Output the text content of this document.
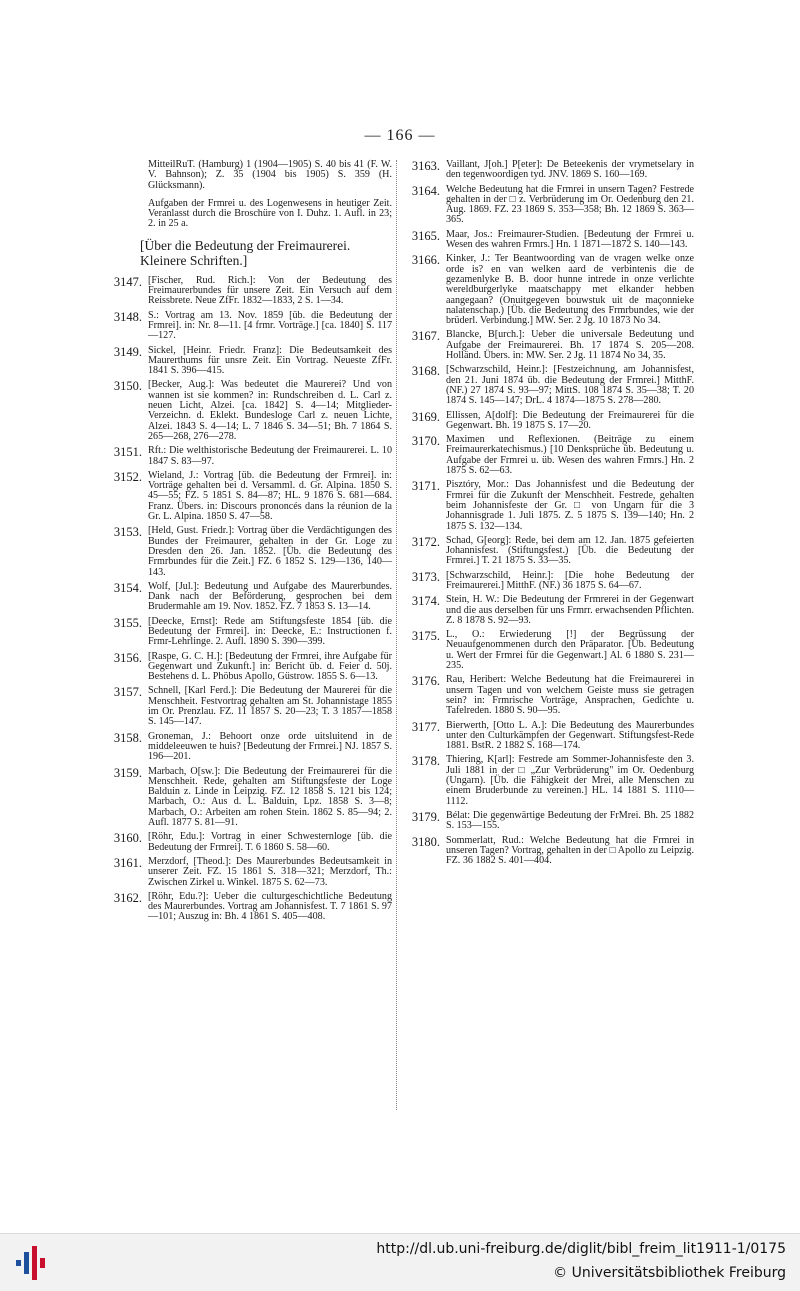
— 166 —
MitteilRuT. (Hamburg) 1 (1904—1905) S. 40 bis 41 (F. W. V. Bahnson); Z. 35 (1904 bis 1905) S. 359 (H. Glücksmann).
Aufgaben der Frmrei u. des Logenwesens in heutiger Zeit. Veranlasst durch die Broschüre von I. Duhz. 1. Aufl. in 23; 2. in 25 a.
[Über die Bedeutung der Freimaurerei. Kleinere Schriften.]
3147. [Fischer, Rud. Rich.]: Von der Bedeutung des Freimaurerbundes für unsere Zeit. Ein Versuch auf dem Reissbrete. Neue ZfFr. 1832—1833, 2 S. 1—34.
3148. S.: Vortrag am 13. Nov. 1859 [üb. die Bedeutung der Frmrei]. in: Nr. 8—11. [4 frmr. Vorträge.] [ca. 1840] S. 117—127.
3149. Sickel, [Heinr. Friedr. Franz]: Die Bedeutsamkeit des Maurerthums für unsre Zeit. Ein Vortrag. Neueste ZfFr. 1841 S. 396—415.
3150. [Becker, Aug.]: Was bedeutet die Maurerei? Und von wannen ist sie kommen? in: Rundschreiben d. L. Carl z. neuen Licht, Alzei. [ca. 1842] S. 4—14; Mitglieder-Verzeichn. d. Eklekt. Bundesloge Carl z. neuen Lichte, Alzei. 1843 S. 4—14; L. 7 1846 S. 34—51; Bh. 7 1864 S. 265—268, 276—278.
3151. Rft.: Die welthistorische Bedeutung der Freimaurerei. L. 10 1847 S. 83—97.
3152. Wieland, J.: Vortrag [üb. die Bedeutung der Frmrei]. in: Vorträge gehalten bei d. Versamml. d. Gr. Alpina. 1850 S. 45—55; FZ. 5 1851 S. 84—87; HL. 9 1876 S. 681—684. Franz. Übers. in: Discours prononcés dans la réunion de la Gr. L. Alpina. 1850 S. 47—58.
3153. [Held, Gust. Friedr.]: Vortrag über die Verdächtigungen des Bundes der Freimaurer, gehalten in der Gr. Loge zu Dresden den 26. Jan. 1852. [Üb. die Bedeutung des Frmrbundes für die Zeit.] FZ. 6 1852 S. 129—136, 140—143.
3154. Wolf, [Jul.]: Bedeutung und Aufgabe des Maurerbundes. Dank nach der Beförderung, gesprochen bei dem Brudermahle am 19. Nov. 1852. FZ. 7 1853 S. 13—14.
3155. [Deecke, Ernst]: Rede am Stiftungsfeste 1854 [üb. die Bedeutung der Frmrei]. in: Deecke, E.: Instructionen f. Frmr-Lehrlinge. 2. Aufl. 1890 S. 390—399.
3156. [Raspe, G. C. H.]: [Bedeutung der Frmrei, ihre Aufgabe für Gegenwart und Zukunft.] in: Bericht üb. d. Feier d. 50j. Bestehens d. L. Phöbus Apollo, Güstrow. 1855 S. 6—13.
3157. Schnell, [Karl Ferd.]: Die Bedeutung der Maurerei für die Menschheit. Festvortrag gehalten am St. Johannistage 1855 im Or. Prenzlau. FZ. 11 1857 S. 20—23; T. 3 1857—1858 S. 145—147.
3158. Groneman, J.: Behoort onze orde uitsluitend in de middeleeuwen te huis? [Bedeutung der Frmrei.] NJ. 1857 S. 196—201.
3159. Marbach, O[sw.]: Die Bedeutung der Freimaurerei für die Menschheit. Rede, gehalten am Stiftungsfeste der Loge Balduin z. Linde in Leipzig. FZ. 12 1858 S. 121 bis 124; Marbach, O.: Aus d. L. Balduin, Lpz. 1858 S. 3—8; Marbach, O.: Arbeiten am rohen Stein. 1862 S. 85—94; 2. Aufl. 1877 S. 81—91.
3160. [Röhr, Edu.]: Vortrag in einer Schwesternloge [üb. die Bedeutung der Frmrei]. T. 6 1860 S. 58—60.
3161. Merzdorf, [Theod.]: Des Maurerbundes Bedeutsamkeit in unserer Zeit. FZ. 15 1861 S. 318—321; Merzdorf, Th.: Zwischen Zirkel u. Winkel. 1875 S. 62—73.
3162. [Röhr, Edu.?]: Ueber die culturgeschichtliche Bedeutung des Maurerbundes. Vortrag am Johannisfest. T. 7 1861 S. 97—101; Auszug in: Bh. 4 1861 S. 405—408.
3163. Vaillant, J[oh.] P[eter]: De Beteekenis der vrymetselary in den tegenwoordigen tyd. JNV. 1869 S. 160—169.
3164. Welche Bedeutung hat die Frmrei in unsern Tagen? Festrede gehalten in der □ z. Verbrüderung im Or. Oedenburg den 21. Aug. 1869. FZ. 23 1869 S. 353—358; Bh. 12 1869 S. 363—365.
3165. Maar, Jos.: Freimaurer-Studien. [Bedeutung der Frmrei u. Wesen des wahren Frmrs.] Hn. 1 1871—1872 S. 140—143.
3166. Kinker, J.: Ter Beantwoording van de vragen welke onze orde is? en van welken aard de verbintenis die de gezamenlyke B. B. door hunne intrede in onze verlichte wereldburgerlyke maatschappy met elkander hebben aangegaan? (Onuitgegeven bouwstuk uit de maçonnieke nalatenschap.) [Üb. die Bedeutung des Frmrbundes, wie der brüderl. Verbindung.] MW. Ser. 2 Jg. 10 1873 No 34.
3167. Blancke, B[urch.]: Ueber die universale Bedeutung und Aufgabe der Freimaurerei. Bh. 17 1874 S. 205—208. Holländ. Übers. in: MW. Ser. 2 Jg. 11 1874 No 34, 35.
3168. [Schwarzschild, Heinr.]: [Festzeichnung, am Johannisfest, den 21. Juni 1874 üb. die Bedeutung der Frmrei.] MitthF. (NF.) 27 1874 S. 93—97; MittS. 108 1874 S. 35—38; T. 20 1874 S. 145—147; DrL. 4 1874—1875 S. 278—280.
3169. Ellissen, A[dolf]: Die Bedeutung der Freimaurerei für die Gegenwart. Bh. 19 1875 S. 17—20.
3170. Maximen und Reflexionen. (Beiträge zu einem Freimaurerkatechismus.) [10 Denksprüche üb. Bedeutung u. Aufgabe der Frmrei u. üb. Wesen des wahren Frmrs.] Hn. 2 1875 S. 62—63.
3171. Pisztóry, Mor.: Das Johannisfest und die Bedeutung der Frmrei für die Zukunft der Menschheit. Festrede, gehalten beim Johannisfeste der Gr. □ von Ungarn für die 3 Johannisgrade 1. Juli 1875. Z. 5 1875 S. 139—140; Hn. 2 1875 S. 132—134.
3172. Schad, G[eorg]: Rede, bei dem am 12. Jan. 1875 gefeierten Johannisfest. (Stiftungsfest.) [Üb. die Bedeutung der Frmrei.] T. 21 1875 S. 33—35.
3173. [Schwarzschild, Heinr.]: [Die hohe Bedeutung der Freimaurerei.] MitthF. (NF.) 36 1875 S. 64—67.
3174. Stein, H. W.: Die Bedeutung der Frmrerei in der Gegenwart und die aus derselben für uns Frmrr. erwachsenden Pflichten. Z. 8 1878 S. 92—93.
3175. L., O.: Erwiederung [!] der Begrüssung der Neuaufgenommenen durch den Präparator. [Üb. Bedeutung u. Wert der Frmrei für die Gegenwart.] Al. 6 1880 S. 231—235.
3176. Rau, Heribert: Welche Bedeutung hat die Freimaurerei in unsern Tagen und von welchem Geiste muss sie getragen sein? in: Frmrische Vorträge, Ansprachen, Gedichte u. Tafelreden. 1880 S. 90—95.
3177. Bierwerth, [Otto L. A.]: Die Bedeutung des Maurerbundes unter den Culturkämpfen der Gegenwart. Stiftungsfest-Rede 1881. BstR. 2 1882 S. 168—174.
3178. Thiering, K[arl]: Festrede am Sommer-Johannisfeste den 3. Juli 1881 in der □ „Zur Verbrüderung" im Or. Oedenburg (Ungarn). [Üb. die Fähigkeit der Mrei, alle Menschen zu einem Bruderbunde zu vereinen.] HL. 14 1881 S. 1110—1112.
3179. Bélat: Die gegenwärtige Bedeutung der FrMrei. Bh. 25 1882 S. 153—155.
3180. Sommerlatt, Rud.: Welche Bedeutung hat die Frmrei in unseren Tagen? Vortrag, gehalten in der □ Apollo zu Leipzig. FZ. 36 1882 S. 401—404.
http://dl.ub.uni-freiburg.de/diglit/bibl_freim_lit1911-1/0175
© Universitätsbibliothek Freiburg
